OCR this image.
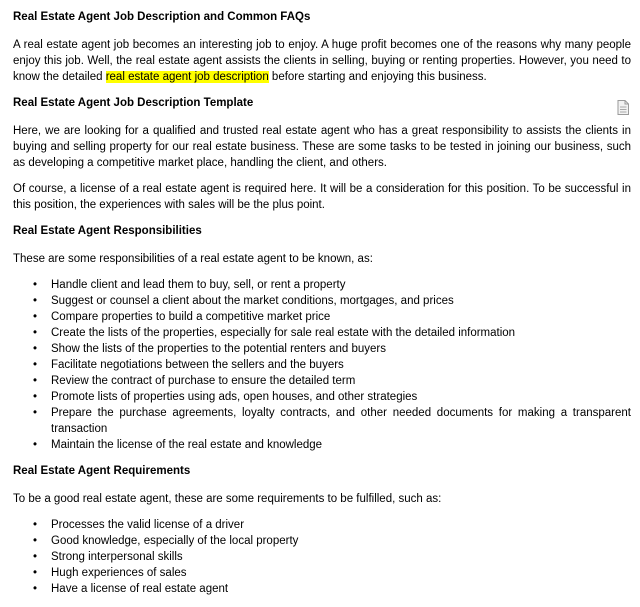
Real Estate Agent Job Description and Common FAQs

A real estate agent job becomes an interesting job to enjoy. A huge profit becomes one of the reasons why many people enjoy this job. Well, the real estate agent assists the clients in selling, buying or renting properties. However, you need to know the detailed real estate agent job description before starting and enjoying this business.

Real Estate Agent Job Description Template

Here, we are looking for a qualified and trusted real estate agent who has a great responsibility to assists the clients in buying and selling property for our real estate business. These are some tasks to be tested in joining our business, such as developing a competitive market place, handling the client, and others.

Of course, a license of a real estate agent is required here. It will be a consideration for this position. To be successful in this position, the experiences with sales will be the plus point.

Real Estate Agent Responsibilities

These are some responsibilities of a real estate agent to be known, as:

• Handle client and lead them to buy, sell, or rent a property
• Suggest or counsel a client about the market conditions, mortgages, and prices
• Compare properties to build a competitive market price
• Create the lists of the properties, especially for sale real estate with the detailed information
• Show the lists of the properties to the potential renters and buyers
• Facilitate negotiations between the sellers and the buyers
• Review the contract of purchase to ensure the detailed term
• Promote lists of properties using ads, open houses, and other strategies
• Prepare the purchase agreements, loyalty contracts, and other needed documents for making a transparent transaction
• Maintain the license of the real estate and knowledge
Real Estate Agent Requirements

To be a good real estate agent, these are some requirements to be fulfilled, such as:

• Processes the valid license of a driver
• Good knowledge, especially of the local property
• Strong interpersonal skills
• Hugh experiences of sales
• Have a license of real estate agent
